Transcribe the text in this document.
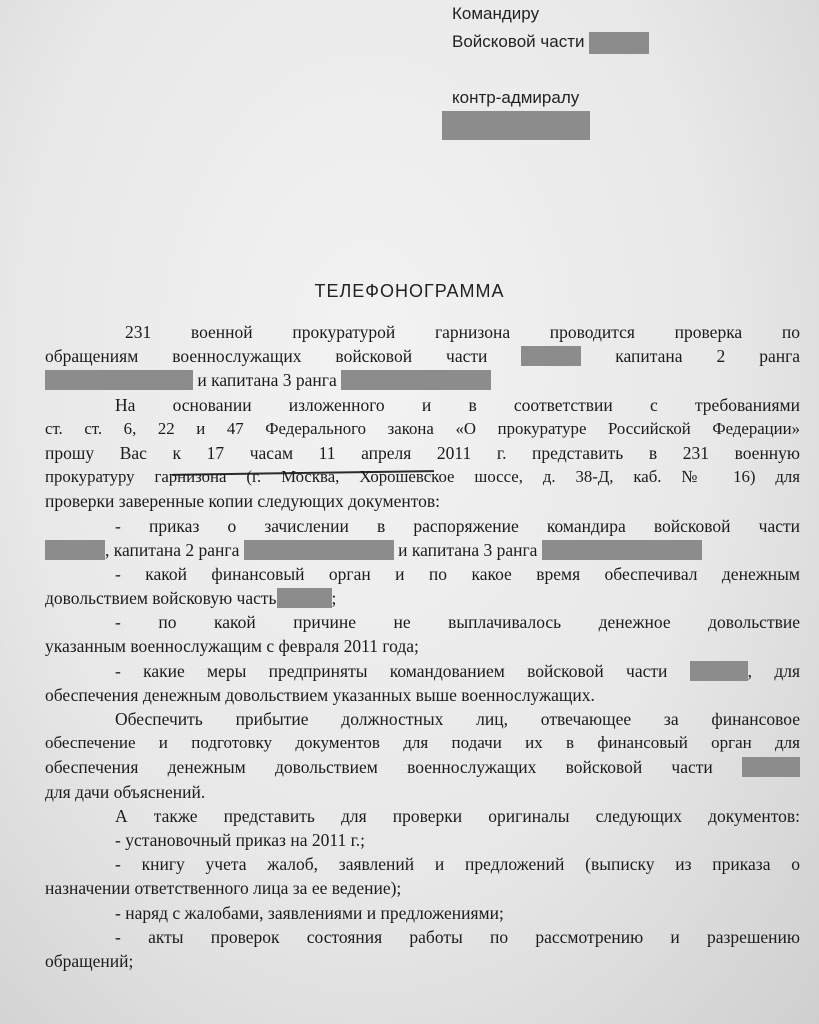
Командиру
Войсковой части
контр-адмиралу
ТЕЛЕФОНОГРАММА
231 военной прокуратурой гарнизона проводится проверка по
обращениям военнослужащих войсковой части	капитана 2 ранга
и капитана 3 ранга
На основании изложенного и в соответствии с требованиями
ст. ст. 6, 22 и 47 Федерального закона «О прокуратуре Российской Федерации»
прошу Вас к 17 часам 11 апреля 2011 г. представить в 231 военную
прокуратуру гарнизона (г. Москва, Хорошевское шоссе, д. 38-Д, каб. № 16) для
проверки заверенные копии следующих документов:
- приказ о зачислении в распоряжение командира войсковой части
, капитана 2 ранга	и капитана 3 ранга
- какой финансовый орган и по какое время обеспечивал денежным
довольствием войсковую часть	;
- по какой причине не выплачивалось денежное довольствие
указанным военнослужащим с февраля 2011 года;
- какие меры предприняты командованием войсковой части	, для
обеспечения денежным довольствием указанных выше военнослужащих.
Обеспечить прибытие должностных лиц, отвечающее за финансовое
обеспечение и подготовку документов для подачи их в финансовый орган для
обеспечения денежным довольствием военнослужащих войсковой части
для дачи объяснений.
А также представить для проверки оригиналы следующих документов:
- установочный приказ на 2011 г.;
- книгу учета жалоб, заявлений и предложений (выписку из приказа о
назначении ответственного лица за ее ведение);
- наряд с жалобами, заявлениями и предложениями;
- акты проверок состояния работы по рассмотрению и разрешению
обращений;
